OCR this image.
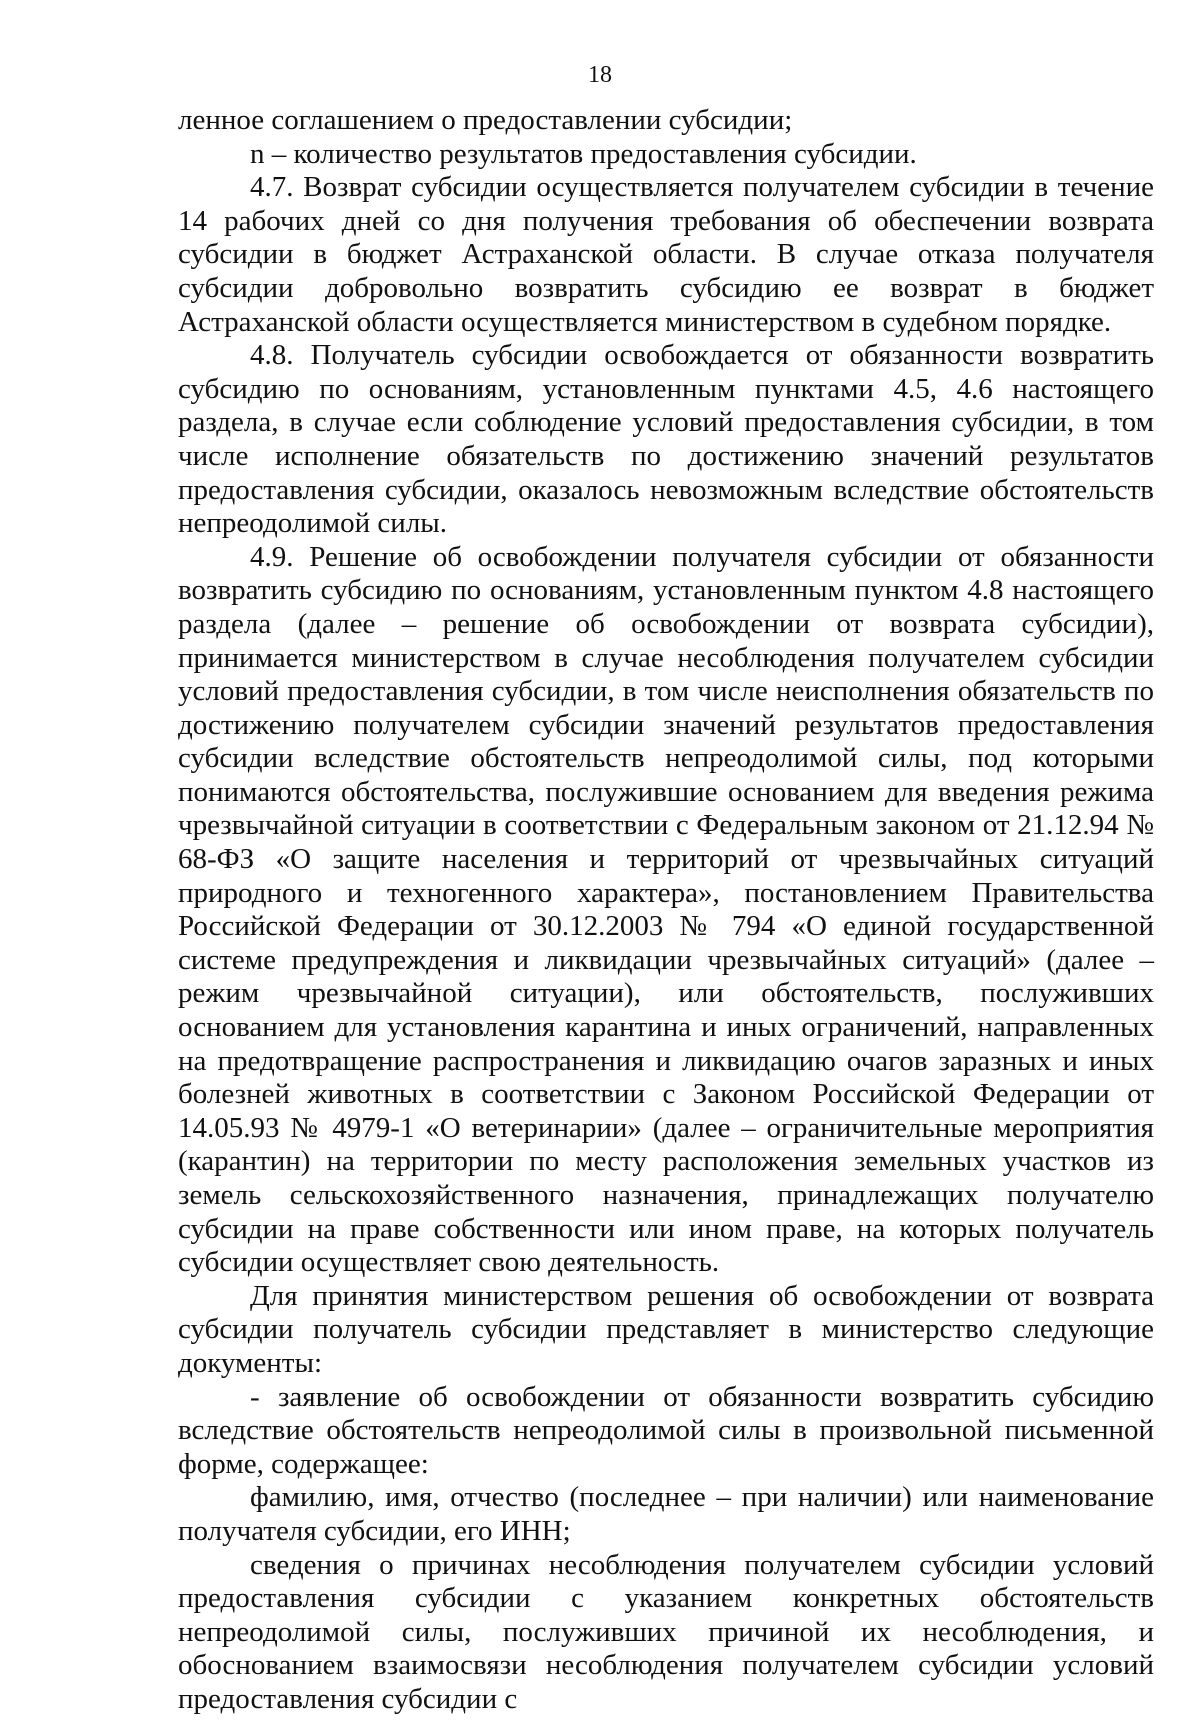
18

ленное соглашением о предоставлении субсидии;

n – количество результатов предоставления субсидии.

4.7. Возврат субсидии осуществляется получателем субсидии в течение 14 рабочих дней со дня получения требования об обеспечении возврата субсидии в бюджет Астраханской области. В случае отказа получателя субсидии добровольно возвратить субсидию ее возврат в бюджет Астраханской области осуществляется министерством в судебном порядке.

4.8. Получатель субсидии освобождается от обязанности возвратить субсидию по основаниям, установленным пунктами 4.5, 4.6 настоящего раздела, в случае если соблюдение условий предоставления субсидии, в том числе исполнение обязательств по достижению значений результатов предоставления субсидии, оказалось невозможным вследствие обстоятельств непреодолимой силы.

4.9. Решение об освобождении получателя субсидии от обязанности возвратить субсидию по основаниям, установленным пунктом 4.8 настоящего раздела (далее – решение об освобождении от возврата субсидии), принимается министерством в случае несоблюдения получателем субсидии условий предоставления субсидии, в том числе неисполнения обязательств по достижению получателем субсидии значений результатов предоставления субсидии вследствие обстоятельств непреодолимой силы, под которыми понимаются обстоятельства, послужившие основанием для введения режима чрезвычайной ситуации в соответствии с Федеральным законом от 21.12.94 № 68-ФЗ «О защите населения и территорий от чрезвычайных ситуаций природного и техногенного характера», постановлением Правительства Российской Федерации от 30.12.2003 № 794 «О единой государственной системе предупреждения и ликвидации чрезвычайных ситуаций» (далее – режим чрезвычайной ситуации), или обстоятельств, послуживших основанием для установления карантина и иных ограничений, направленных на предотвращение распространения и ликвидацию очагов заразных и иных болезней животных в соответствии с Законом Российской Федерации от 14.05.93 № 4979-1 «О ветеринарии» (далее – ограничительные мероприятия (карантин) на территории по месту расположения земельных участков из земель сельскохозяйственного назначения, принадлежащих получателю субсидии на праве собственности или ином праве, на которых получатель субсидии осуществляет свою деятельность.

Для принятия министерством решения об освобождении от возврата субсидии получатель субсидии представляет в министерство следующие документы:

- заявление об освобождении от обязанности возвратить субсидию вследствие обстоятельств непреодолимой силы в произвольной письменной форме, содержащее:

фамилию, имя, отчество (последнее – при наличии) или наименование получателя субсидии, его ИНН;

сведения о причинах несоблюдения получателем субсидии условий предоставления субсидии с указанием конкретных обстоятельств непреодолимой силы, послуживших причиной их несоблюдения, и обоснованием взаимосвязи несоблюдения получателем субсидии условий предоставления субсидии с
